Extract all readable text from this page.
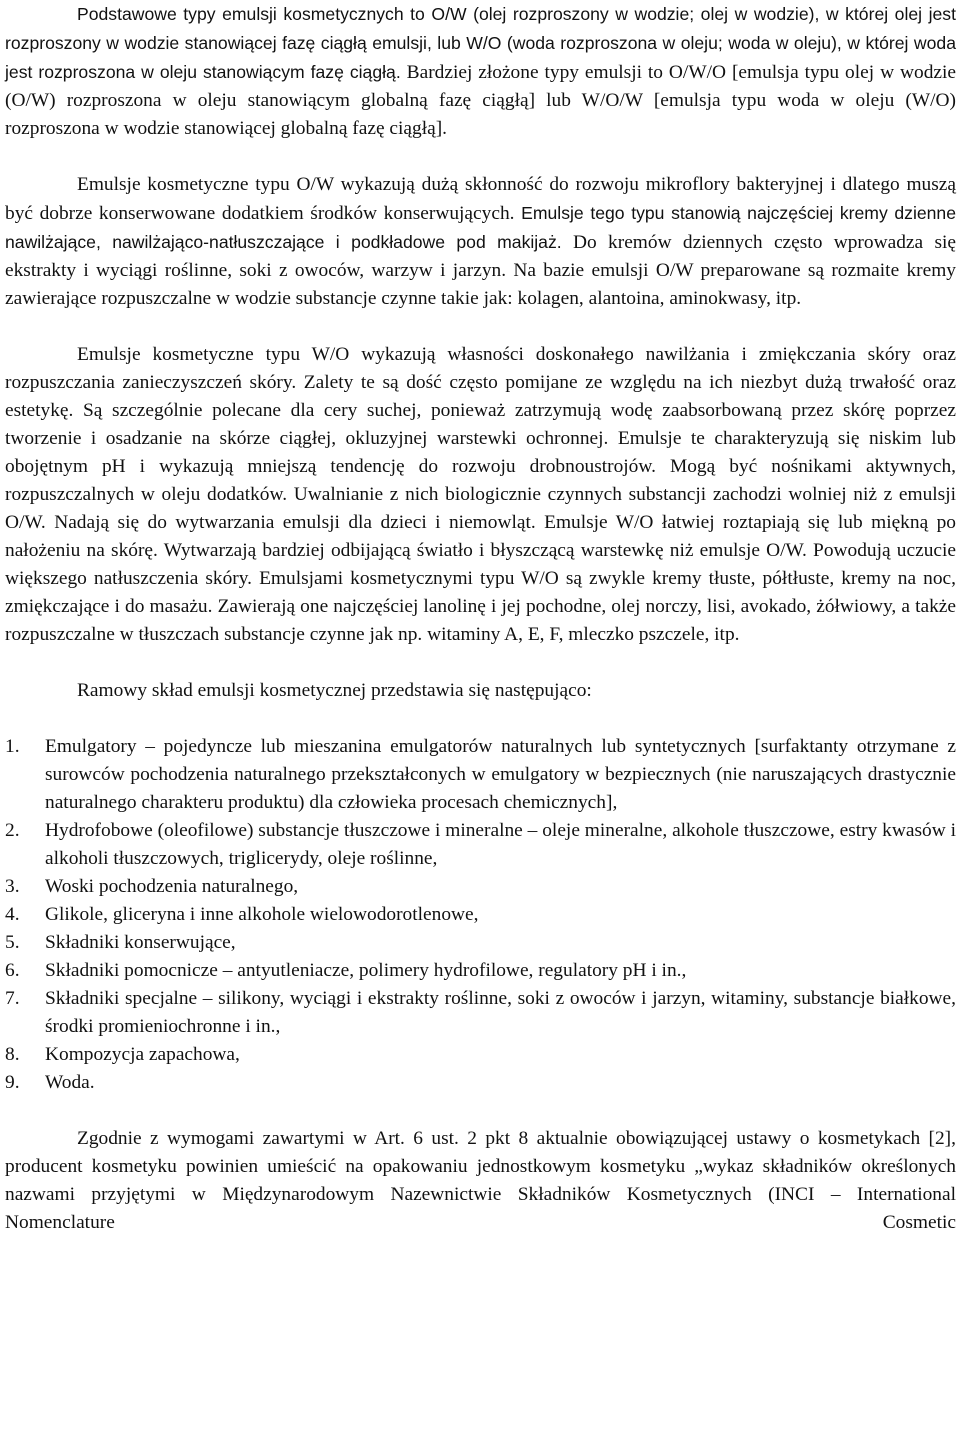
Podstawowe typy emulsji kosmetycznych to O/W (olej rozproszony w wodzie; olej w wodzie), w której olej jest rozproszony w wodzie stanowiącej fazę ciągłą emulsji, lub W/O (woda rozproszona w oleju; woda w oleju), w której woda jest rozproszona w oleju stanowiącym fazę ciągłą. Bardziej złożone typy emulsji to O/W/O [emulsja typu olej w wodzie (O/W) rozproszona w oleju stanowiącym globalną fazę ciągłą] lub W/O/W [emulsja typu woda w oleju (W/O) rozproszona w wodzie stanowiącej globalną fazę ciągłą].

Emulsje kosmetyczne typu O/W wykazują dużą skłonność do rozwoju mikroflory bakteryjnej i dlatego muszą być dobrze konserwowane dodatkiem środków konserwujących. Emulsje tego typu stanowią najczęściej kremy dzienne nawilżające, nawilżająco-natłuszczające i podkładowe pod makijaż. Do kremów dziennych często wprowadza się ekstrakty i wyciągi roślinne, soki z owoców, warzyw i jarzyn. Na bazie emulsji O/W preparowane są rozmaite kremy zawierające rozpuszczalne w wodzie substancje czynne takie jak: kolagen, alantoina, aminokwasy, itp.

Emulsje kosmetyczne typu W/O wykazują własności doskonałego nawilżania i zmiękczania skóry oraz rozpuszczania zanieczyszczeń skóry. Zalety te są dość często pomijane ze względu na ich niezbyt dużą trwałość oraz estetykę. Są szczególnie polecane dla cery suchej, ponieważ zatrzymują wodę zaabsorbowaną przez skórę poprzez tworzenie i osadzanie na skórze ciągłej, okluzyjnej warstewki ochronnej. Emulsje te charakteryzują się niskim lub obojętnym pH i wykazują mniejszą tendencję do rozwoju drobnoustrojów. Mogą być nośnikami aktywnych, rozpuszczalnych w oleju dodatków. Uwalnianie z nich biologicznie czynnych substancji zachodzi wolniej niż z emulsji O/W. Nadają się do wytwarzania emulsji dla dzieci i niemowląt. Emulsje W/O łatwiej roztapiają się lub miękną po nałożeniu na skórę. Wytwarzają bardziej odbijającą światło i błyszczącą warstewkę niż emulsje O/W. Powodują uczucie większego natłuszczenia skóry. Emulsjami kosmetycznymi typu W/O są zwykle kremy tłuste, półtłuste, kremy na noc, zmiękczające i do masażu. Zawierają one najczęściej lanolinę i jej pochodne, olej norczy, lisi, avokado, żółwiowy, a także rozpuszczalne w tłuszczach substancje czynne jak np. witaminy A, E, F, mleczko pszczele, itp.

Ramowy skład emulsji kosmetycznej przedstawia się następująco:

1. Emulgatory – pojedyncze lub mieszanina emulgatorów naturalnych lub syntetycznych [surfaktanty otrzymane z surowców pochodzenia naturalnego przekształconych w emulgatory w bezpiecznych (nie naruszających drastycznie naturalnego charakteru produktu) dla człowieka procesach chemicznych],
2. Hydrofobowe (oleofilowe) substancje tłuszczowe i mineralne – oleje mineralne, alkohole tłuszczowe, estry kwasów i alkoholi tłuszczowych, triglicerydy, oleje roślinne,
3. Woski pochodzenia naturalnego,
4. Glikole, gliceryna i inne alkohole wielowodorotlenowe,
5. Składniki konserwujące,
6. Składniki pomocnicze – antyutleniacze, polimery hydrofilowe, regulatory pH i in.,
7. Składniki specjalne – silikony, wyciągi i ekstrakty roślinne, soki z owoców i jarzyn, witaminy, substancje białkowe, środki promieniochronne i in.,
8. Kompozycja zapachowa,
9. Woda.

Zgodnie z wymogami zawartymi w Art. 6 ust. 2 pkt 8 aktualnie obowiązującej ustawy o kosmetykach [2], producent kosmetyku powinien umieścić na opakowaniu jednostkowym kosmetyku „wykaz składników określonych nazwami przyjętymi w Międzynarodowym Nazewnictwie Składników Kosmetycznych (INCI – International Nomenclature Cosmetic
